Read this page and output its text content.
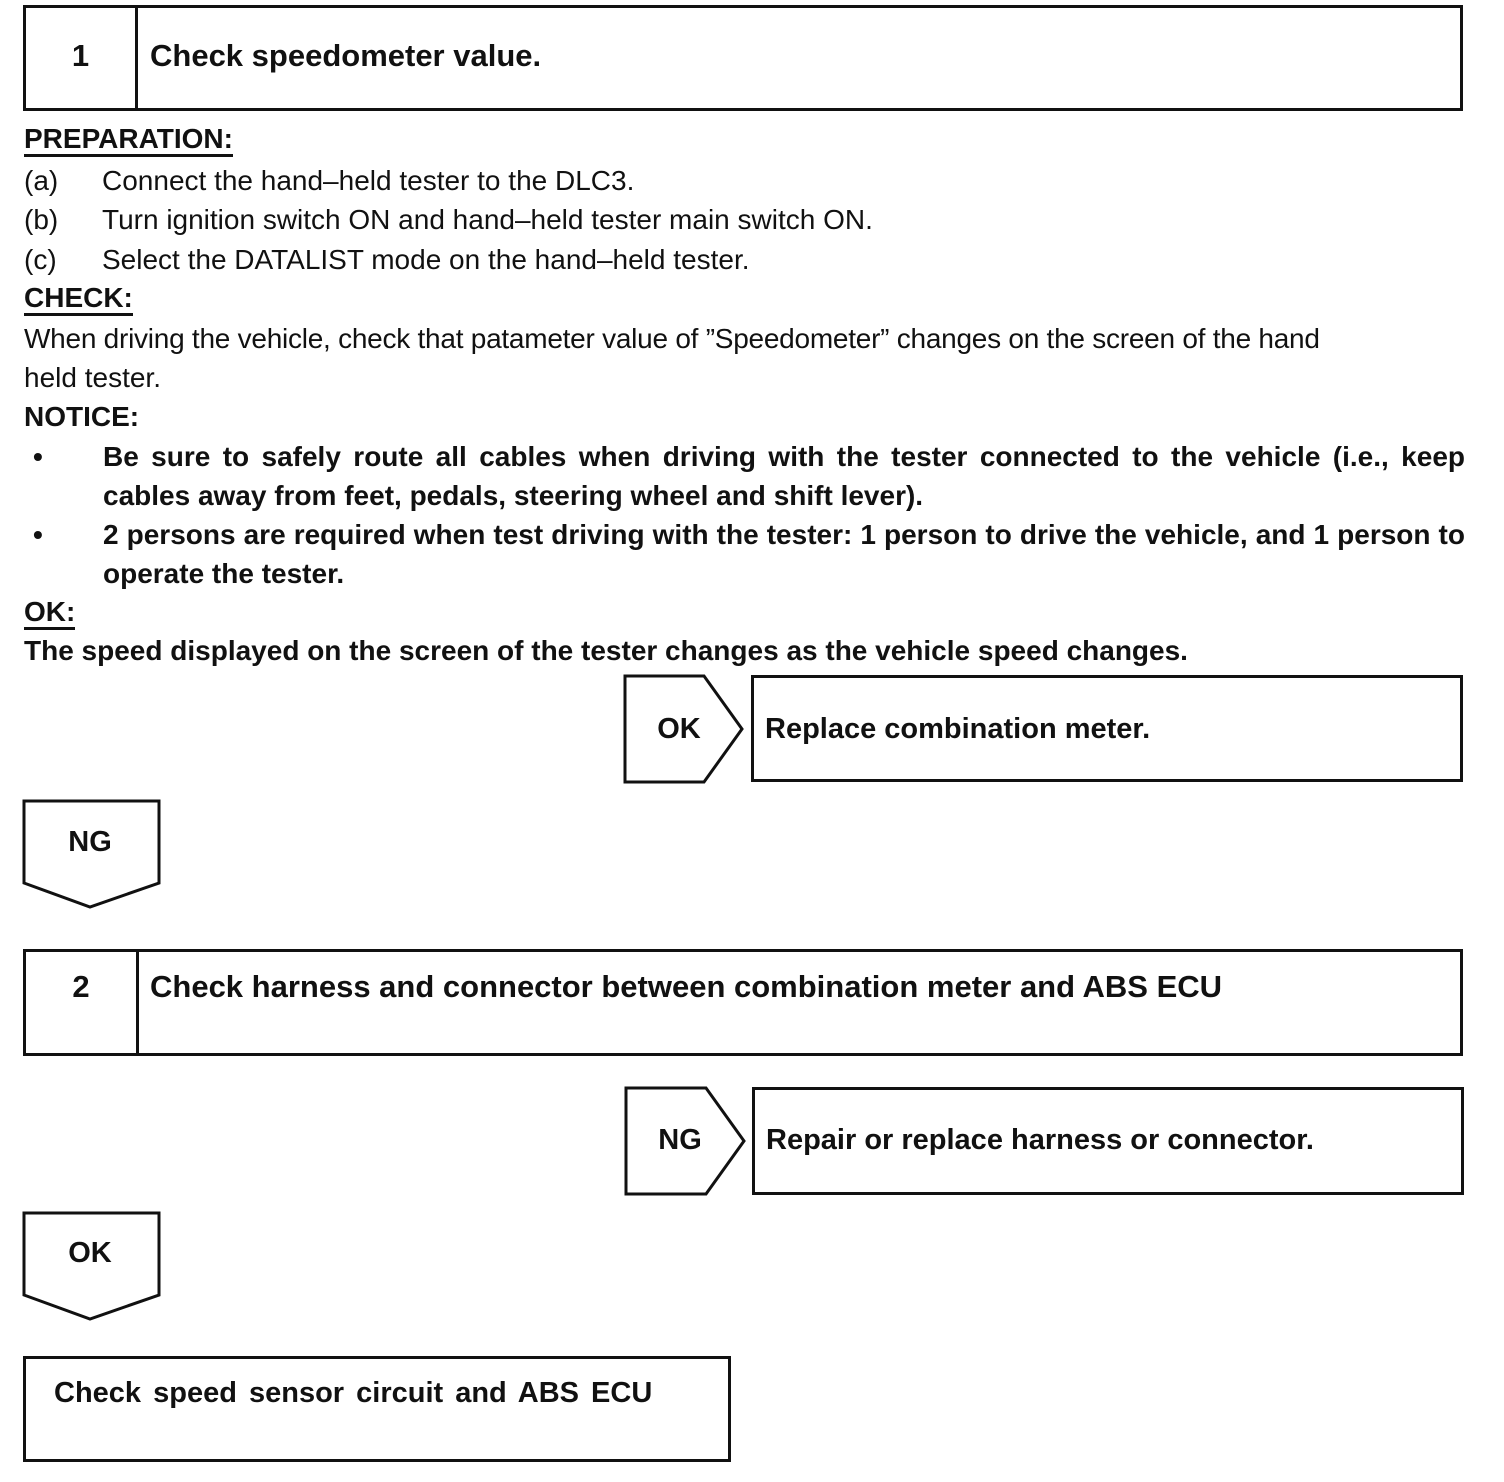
1	Check speedometer value.
PREPARATION:
(a) Connect the hand–held tester to the DLC3.
(b) Turn ignition switch ON and hand–held tester main switch ON.
(c) Select the DATALIST mode on the hand–held tester.
CHECK:
When driving the vehicle, check that patameter value of ”Speedometer” changes on the screen of the hand
held tester.
NOTICE:
• Be sure to safely route all cables when driving with the tester connected to the vehicle (i.e., keep cables away from feet, pedals, steering wheel and shift lever).
• 2 persons are required when test driving with the tester: 1 person to drive the vehicle, and 1 person to operate the tester.
OK:
The speed displayed on the screen of the tester changes as the vehicle speed changes.
OK	Replace combination meter.
NG
2	Check harness and connector between combination meter and ABS ECU
NG	Repair or replace harness or connector.
OK
Check speed sensor circuit and ABS ECU
